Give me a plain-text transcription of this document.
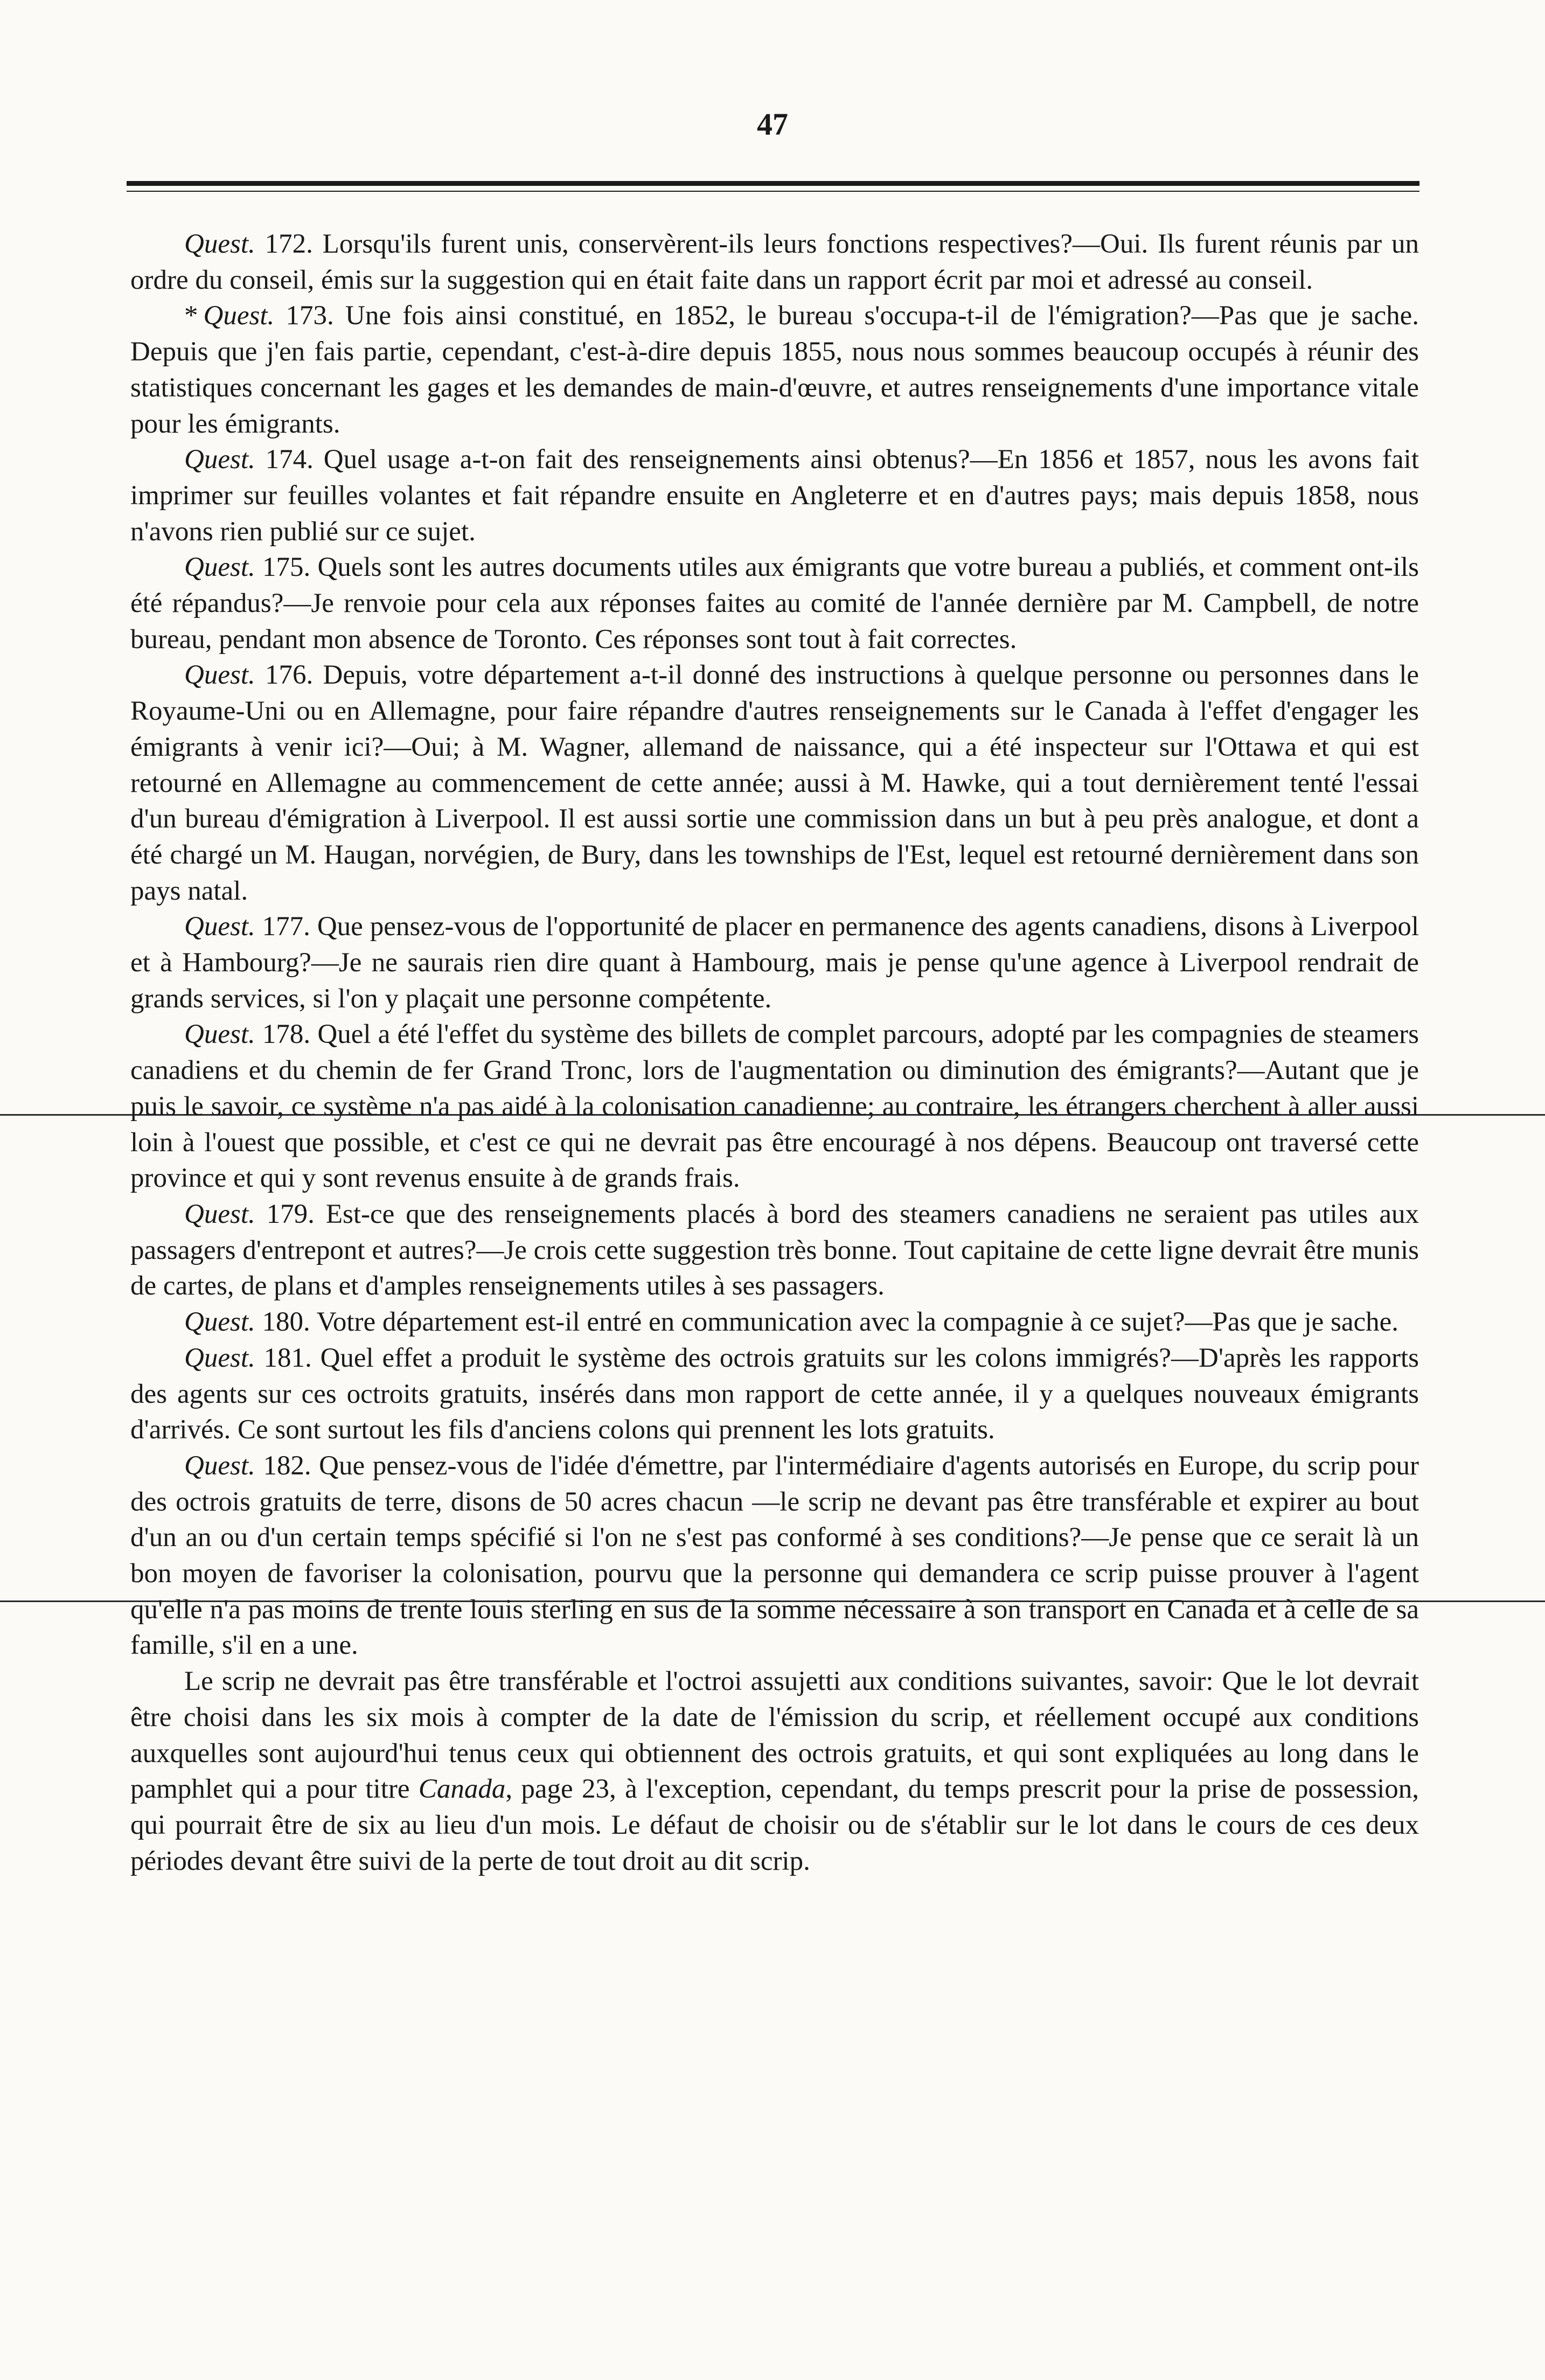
47

Quest. 172. Lorsqu'ils furent unis, conservèrent-ils leurs fonctions respectives?—Oui. Ils furent réunis par un ordre du conseil, émis sur la suggestion qui en était faite dans un rapport écrit par moi et adressé au conseil.

* Quest. 173. Une fois ainsi constitué, en 1852, le bureau s'occupa-t-il de l'émigration?—Pas que je sache. Depuis que j'en fais partie, cependant, c'est-à-dire depuis 1855, nous nous sommes beaucoup occupés à réunir des statistiques concernant les gages et les demandes de main-d'œuvre, et autres renseignements d'une importance vitale pour les émigrants.

Quest. 174. Quel usage a-t-on fait des renseignements ainsi obtenus?—En 1856 et 1857, nous les avons fait imprimer sur feuilles volantes et fait répandre ensuite en Angleterre et en d'autres pays; mais depuis 1858, nous n'avons rien publié sur ce sujet.

Quest. 175. Quels sont les autres documents utiles aux émigrants que votre bureau a publiés, et comment ont-ils été répandus?—Je renvoie pour cela aux réponses faites au comité de l'année dernière par M. Campbell, de notre bureau, pendant mon absence de Toronto. Ces réponses sont tout à fait correctes.

Quest. 176. Depuis, votre département a-t-il donné des instructions à quelque personne ou personnes dans le Royaume-Uni ou en Allemagne, pour faire répandre d'autres renseignements sur le Canada à l'effet d'engager les émigrants à venir ici?—Oui; à M. Wagner, allemand de naissance, qui a été inspecteur sur l'Ottawa et qui est retourné en Allemagne au commencement de cette année; aussi à M. Hawke, qui a tout dernièrement tenté l'essai d'un bureau d'émigration à Liverpool. Il est aussi sortie une commission dans un but à peu près analogue, et dont a été chargé un M. Haugan, norvégien, de Bury, dans les townships de l'Est, lequel est retourné dernièrement dans son pays natal.

Quest. 177. Que pensez-vous de l'opportunité de placer en permanence des agents canadiens, disons à Liverpool et à Hambourg?—Je ne saurais rien dire quant à Hambourg, mais je pense qu'une agence à Liverpool rendrait de grands services, si l'on y plaçait une personne compétente.

Quest. 178. Quel a été l'effet du système des billets de complet parcours, adopté par les compagnies de steamers canadiens et du chemin de fer Grand Tronc, lors de l'augmentation ou diminution des émigrants?—Autant que je puis le savoir, ce système n'a pas aidé à la colonisation canadienne; au contraire, les étrangers cherchent à aller aussi loin à l'ouest que possible, et c'est ce qui ne devrait pas être encouragé à nos dépens. Beaucoup ont traversé cette province et qui y sont revenus ensuite à de grands frais.

Quest. 179. Est-ce que des renseignements placés à bord des steamers canadiens ne seraient pas utiles aux passagers d'entrepont et autres?—Je crois cette suggestion très bonne. Tout capitaine de cette ligne devrait être munis de cartes, de plans et d'amples renseignements utiles à ses passagers.

Quest. 180. Votre département est-il entré en communication avec la compagnie à ce sujet?—Pas que je sache.

Quest. 181. Quel effet a produit le système des octrois gratuits sur les colons immigrés?—D'après les rapports des agents sur ces octroits gratuits, insérés dans mon rapport de cette année, il y a quelques nouveaux émigrants d'arrivés. Ce sont surtout les fils d'anciens colons qui prennent les lots gratuits.

Quest. 182. Que pensez-vous de l'idée d'émettre, par l'intermédiaire d'agents autorisés en Europe, du scrip pour des octrois gratuits de terre, disons de 50 acres chacun —le scrip ne devant pas être transférable et expirer au bout d'un an ou d'un certain temps spécifié si l'on ne s'est pas conformé à ses conditions?—Je pense que ce serait là un bon moyen de favoriser la colonisation, pourvu que la personne qui demandera ce scrip puisse prouver à l'agent qu'elle n'a pas moins de trente louis sterling en sus de la somme nécessaire à son transport en Canada et à celle de sa famille, s'il en a une.

Le scrip ne devrait pas être transférable et l'octroi assujetti aux conditions suivantes, savoir: Que le lot devrait être choisi dans les six mois à compter de la date de l'émission du scrip, et réellement occupé aux conditions auxquelles sont aujourd'hui tenus ceux qui obtiennent des octrois gratuits, et qui sont expliquées au long dans le pamphlet qui a pour titre Canada, page 23, à l'exception, cependant, du temps prescrit pour la prise de possession, qui pourrait être de six au lieu d'un mois. Le défaut de choisir ou de s'établir sur le lot dans le cours de ces deux périodes devant être suivi de la perte de tout droit au dit scrip.
